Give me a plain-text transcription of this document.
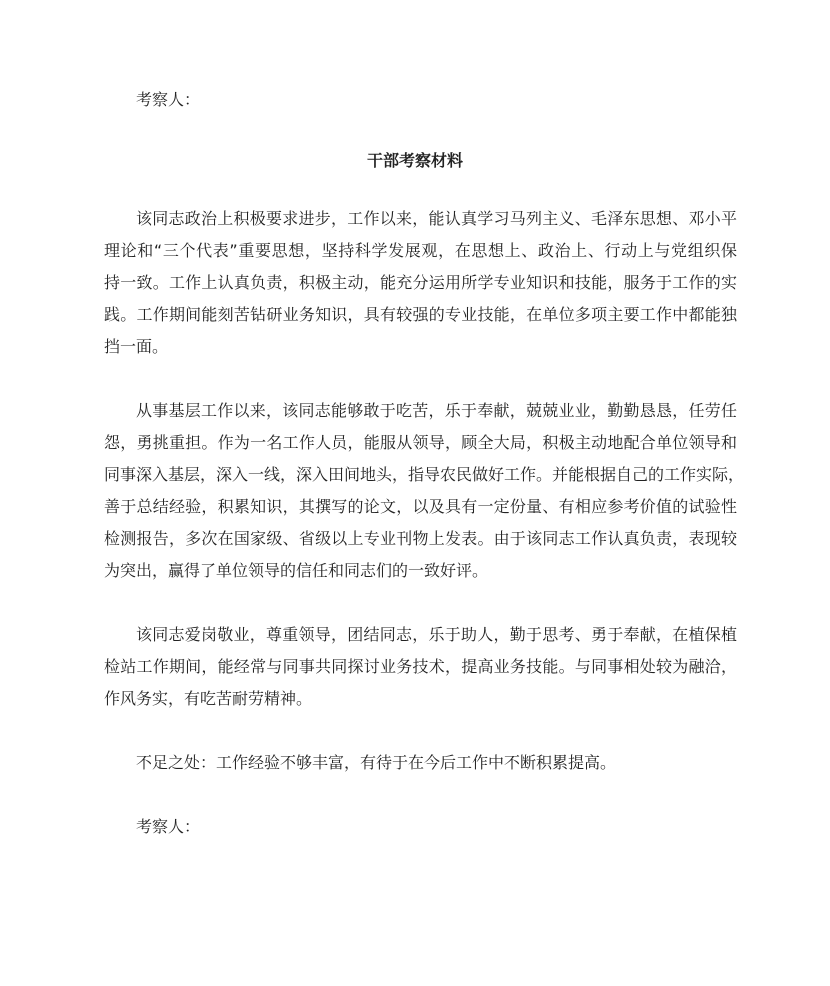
考察人：
干部考察材料
该同志政治上积极要求进步，工作以来，能认真学习马列主义、毛泽东思想、邓小平
理论和“三个代表”重要思想，坚持科学发展观，在思想上、政治上、行动上与党组织保
持一致。工作上认真负责，积极主动，能充分运用所学专业知识和技能，服务于工作的实
践。工作期间能刻苦钻研业务知识，具有较强的专业技能，在单位多项主要工作中都能独
挡一面。
从事基层工作以来，该同志能够敢于吃苦，乐于奉献，兢兢业业，勤勤恳恳，任劳任
怨，勇挑重担。作为一名工作人员，能服从领导，顾全大局，积极主动地配合单位领导和
同事深入基层，深入一线，深入田间地头，指导农民做好工作。并能根据自己的工作实际，
善于总结经验，积累知识，其撰写的论文，以及具有一定份量、有相应参考价值的试验性
检测报告，多次在国家级、省级以上专业刊物上发表。由于该同志工作认真负责，表现较
为突出，赢得了单位领导的信任和同志们的一致好评。
该同志爱岗敬业，尊重领导，团结同志，乐于助人，勤于思考、勇于奉献，在植保植
检站工作期间，能经常与同事共同探讨业务技术，提高业务技能。与同事相处较为融洽，
作风务实，有吃苦耐劳精神。
不足之处：工作经验不够丰富，有待于在今后工作中不断积累提高。
考察人：
